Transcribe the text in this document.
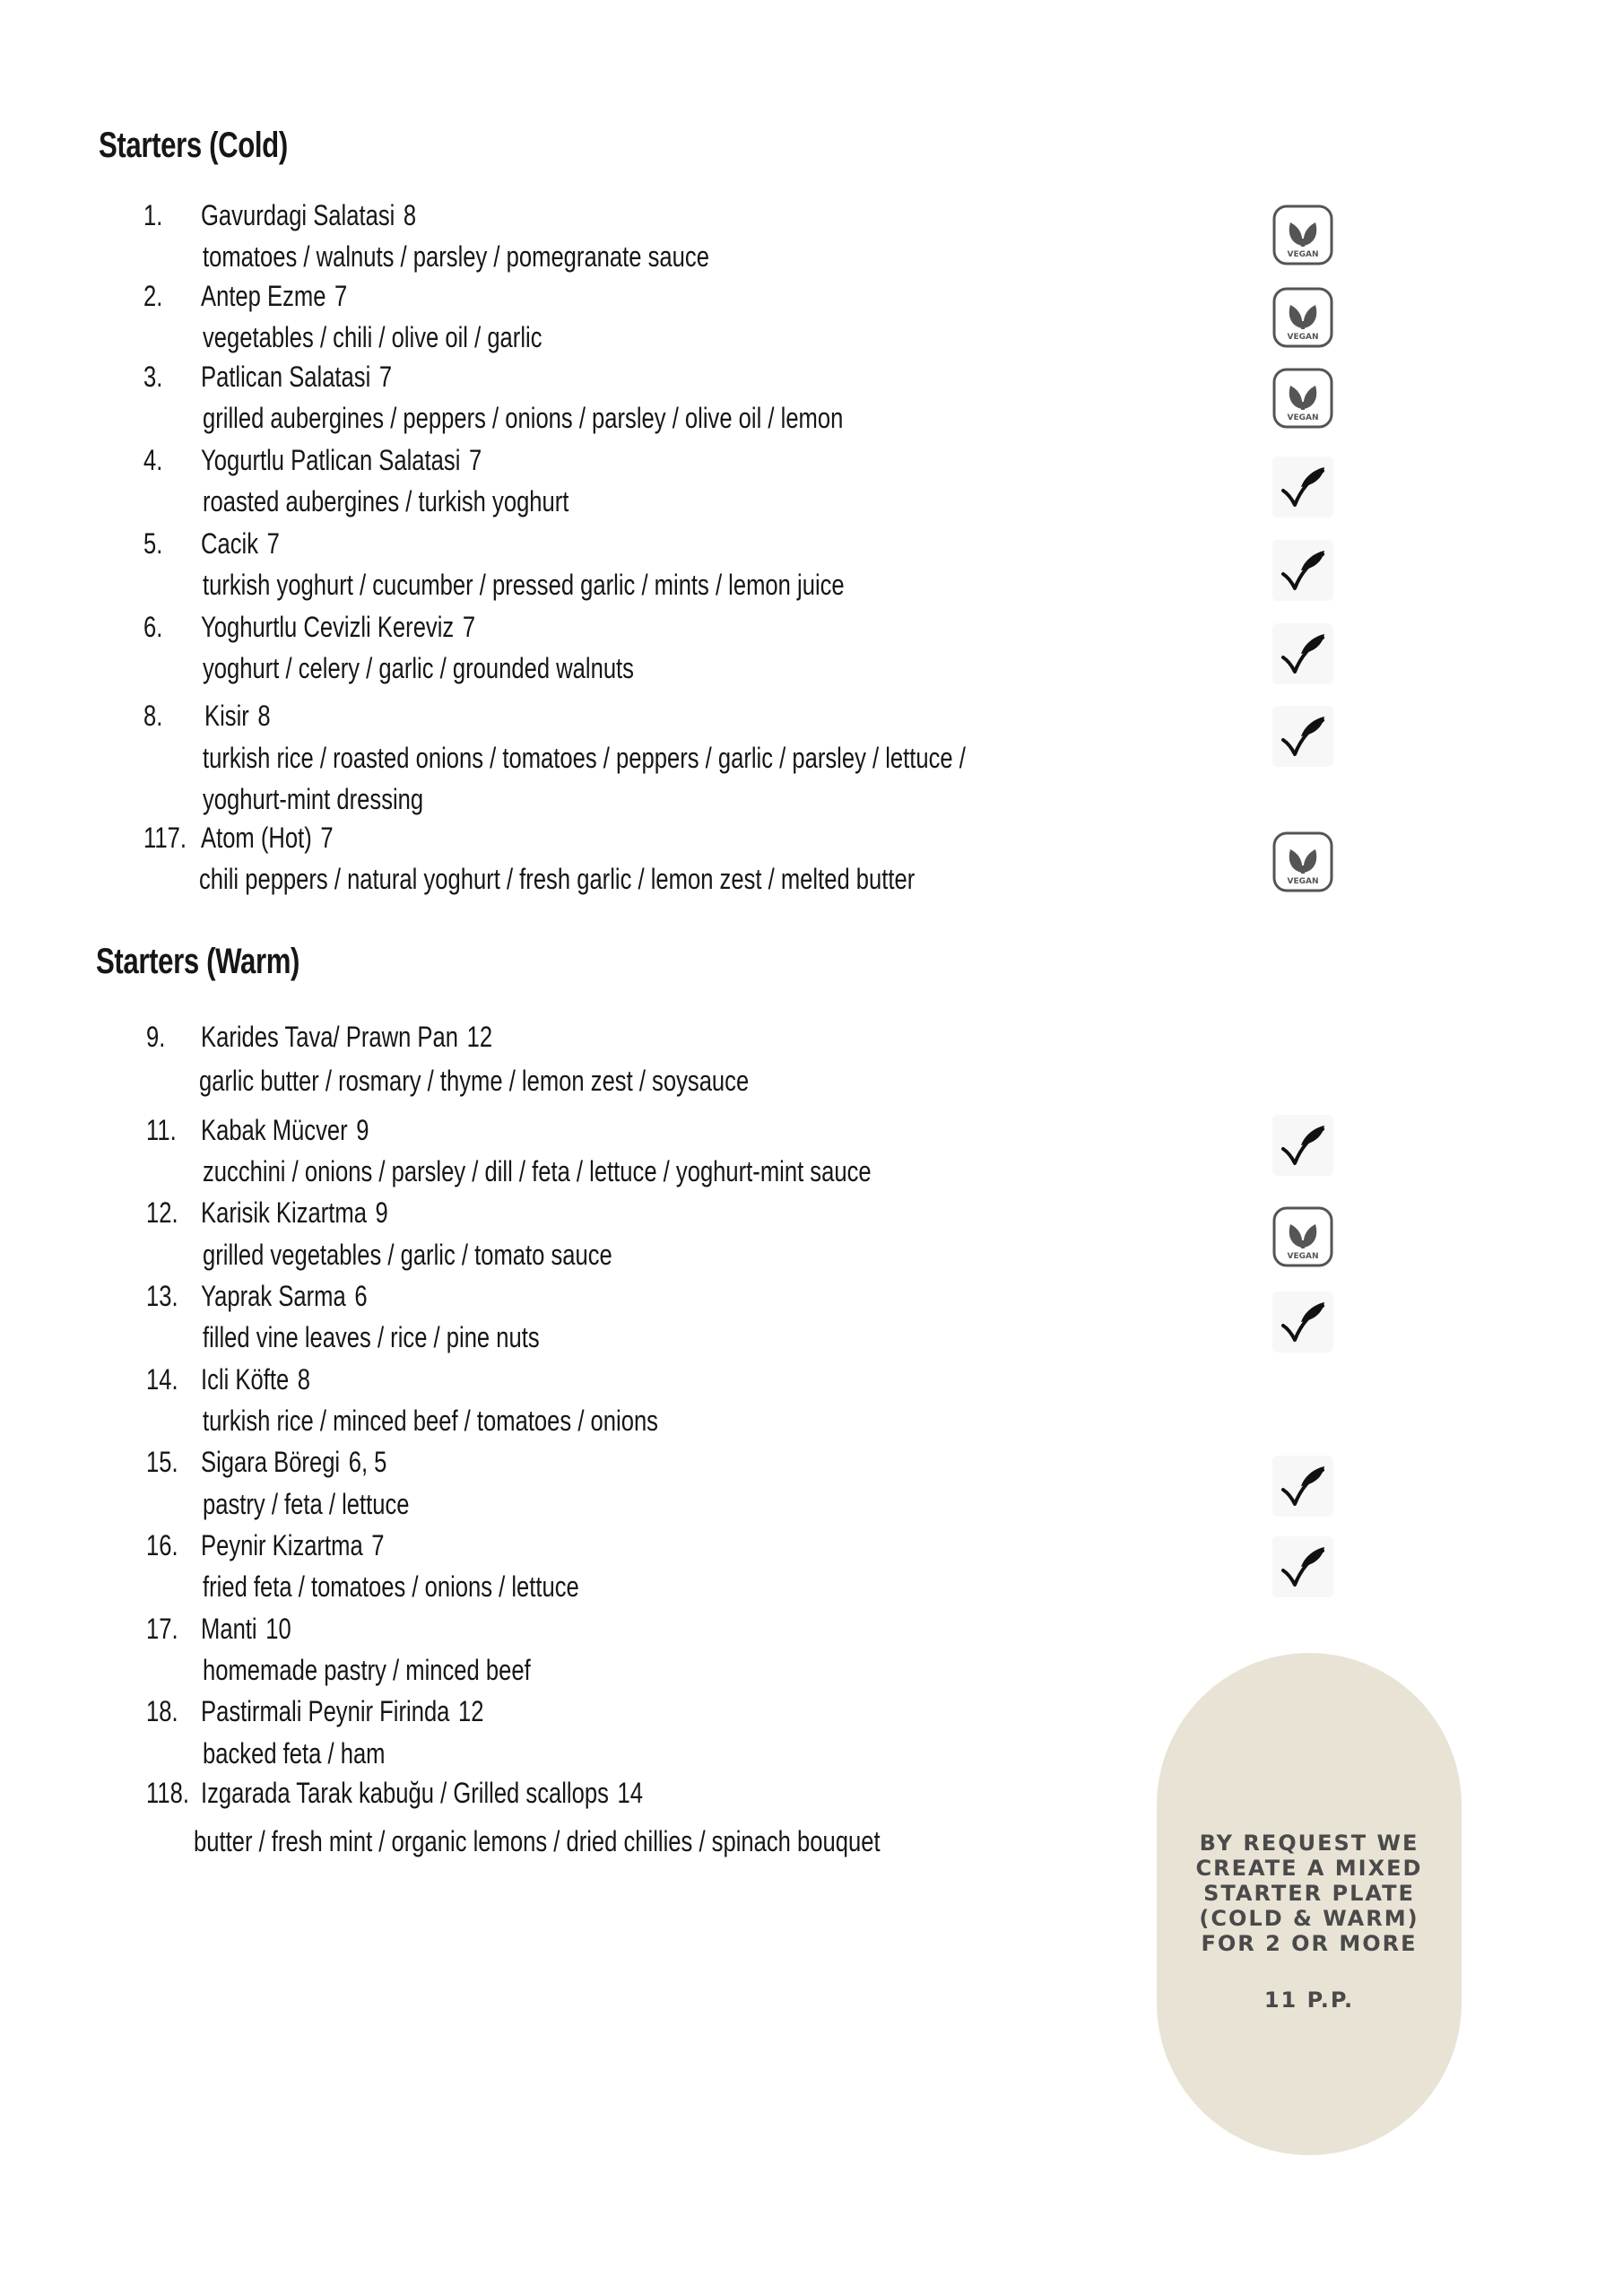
Starters (Cold)
Starters (Warm)
1. Gavurdagi Salatasi 8
tomatoes / walnuts / parsley / pomegranate sauce	VEGAN
2. Antep Ezme 7
vegetables / chili / olive oil / garlic	VEGAN
3. Patlican Salatasi 7
grilled aubergines / peppers / onions / parsley / olive oil / lemon	VEGAN
4. Yogurtlu Patlican Salatasi 7
roasted aubergines / turkish yoghurt
5. Cacik 7
turkish yoghurt / cucumber / pressed garlic / mints / lemon juice
6. Yoghurtlu Cevizli Kereviz 7
yoghurt / celery / garlic / grounded walnuts
8. Kisir 8
turkish rice / roasted onions / tomatoes / peppers / garlic / parsley / lettuce /
yoghurt-mint dressing
117. Atom (Hot) 7
chili peppers / natural yoghurt / fresh garlic / lemon zest / melted butter	VEGAN
9. Karides Tava/ Prawn Pan 12
garlic butter / rosmary / thyme / lemon zest / soysauce
11. Kabak Mücver 9
zucchini / onions / parsley / dill / feta / lettuce / yoghurt-mint sauce
12. Karisik Kizartma 9
grilled vegetables / garlic / tomato sauce	VEGAN
13. Yaprak Sarma 6
filled vine leaves / rice / pine nuts
14. Icli Köfte 8
turkish rice / minced beef / tomatoes / onions
15. Sigara Böregi 6, 5
pastry / feta / lettuce
16. Peynir Kizartma 7
fried feta / tomatoes / onions / lettuce
17. Manti 10
homemade pastry / minced beef
18. Pastirmali Peynir Firinda 12
backed feta / ham
118. Izgarada Tarak kabuğu / Grilled scallops 14
butter / fresh mint / organic lemons / dried chillies / spinach bouquet	BY REQUEST WE
CREATE A MIXED
STARTER PLATE
(COLD & WARM)
FOR 2 OR MORE
11 P.P.
